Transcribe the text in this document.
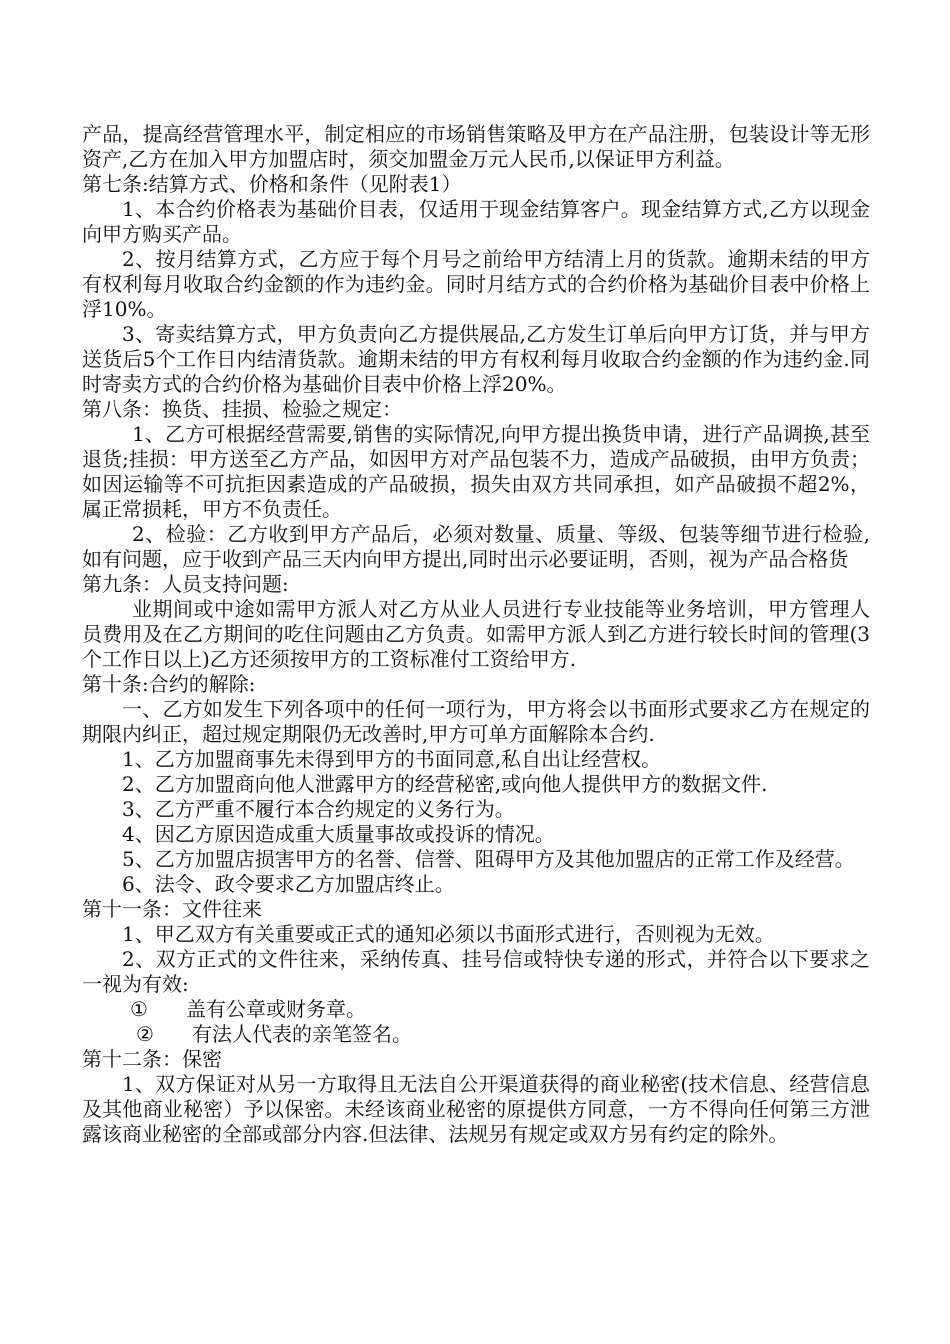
产品，提高经营管理水平，制定相应的市场销售策略及甲方在产品注册，包装设计等无形资产,乙方在加入甲方加盟店时，须交加盟金万元人民币,以保证甲方利益。

第七条:结算方式、价格和条件（见附表1）

1、本合约价格表为基础价目表，仅适用于现金结算客户。现金结算方式,乙方以现金向甲方购买产品。

2、按月结算方式，乙方应于每个月号之前给甲方结清上月的货款。逾期未结的甲方有权利每月收取合约金额的作为违约金。同时月结方式的合约价格为基础价目表中价格上浮10%。

3、寄卖结算方式，甲方负责向乙方提供展品,乙方发生订单后向甲方订货，并与甲方送货后5个工作日内结清货款。逾期未结的甲方有权利每月收取合约金额的作为违约金.同时寄卖方式的合约价格为基础价目表中价格上浮20%。

第八条：换货、挂损、检验之规定：

1、乙方可根据经营需要,销售的实际情况,向甲方提出换货申请，进行产品调换,甚至退货;挂损：甲方送至乙方产品，如因甲方对产品包装不力，造成产品破损，由甲方负责；如因运输等不可抗拒因素造成的产品破损，损失由双方共同承担，如产品破损不超2%，属正常损耗，甲方不负责任。

2、检验：乙方收到甲方产品后，必须对数量、质量、等级、包装等细节进行检验,如有问题，应于收到产品三天内向甲方提出,同时出示必要证明，否则，视为产品合格货

第九条：人员支持问题:

业期间或中途如需甲方派人对乙方从业人员进行专业技能等业务培训，甲方管理人员费用及在乙方期间的吃住问题由乙方负责。如需甲方派人到乙方进行较长时间的管理(3个工作日以上)乙方还须按甲方的工资标准付工资给甲方.

第十条:合约的解除:

一、乙方如发生下列各项中的任何一项行为，甲方将会以书面形式要求乙方在规定的期限内纠正，超过规定期限仍无改善时,甲方可单方面解除本合约.

1、乙方加盟商事先未得到甲方的书面同意,私自出让经营权。

2、乙方加盟商向他人泄露甲方的经营秘密,或向他人提供甲方的数据文件.

3、乙方严重不履行本合约规定的义务行为。

4、因乙方原因造成重大质量事故或投诉的情况。

5、乙方加盟店损害甲方的名誉、信誉、阻碍甲方及其他加盟店的正常工作及经营。

6、法令、政令要求乙方加盟店终止。

第十一条：文件往来

1、甲乙双方有关重要或正式的通知必须以书面形式进行，否则视为无效。

2、双方正式的文件往来，采纳传真、挂号信或特快专递的形式，并符合以下要求之一视为有效:

①	盖有公章或财务章。
②	有法人代表的亲笔签名。

第十二条：保密

1、双方保证对从另一方取得且无法自公开渠道获得的商业秘密(技术信息、经营信息及其他商业秘密）予以保密。未经该商业秘密的原提供方同意，一方不得向任何第三方泄露该商业秘密的全部或部分内容.但法律、法规另有规定或双方另有约定的除外。
